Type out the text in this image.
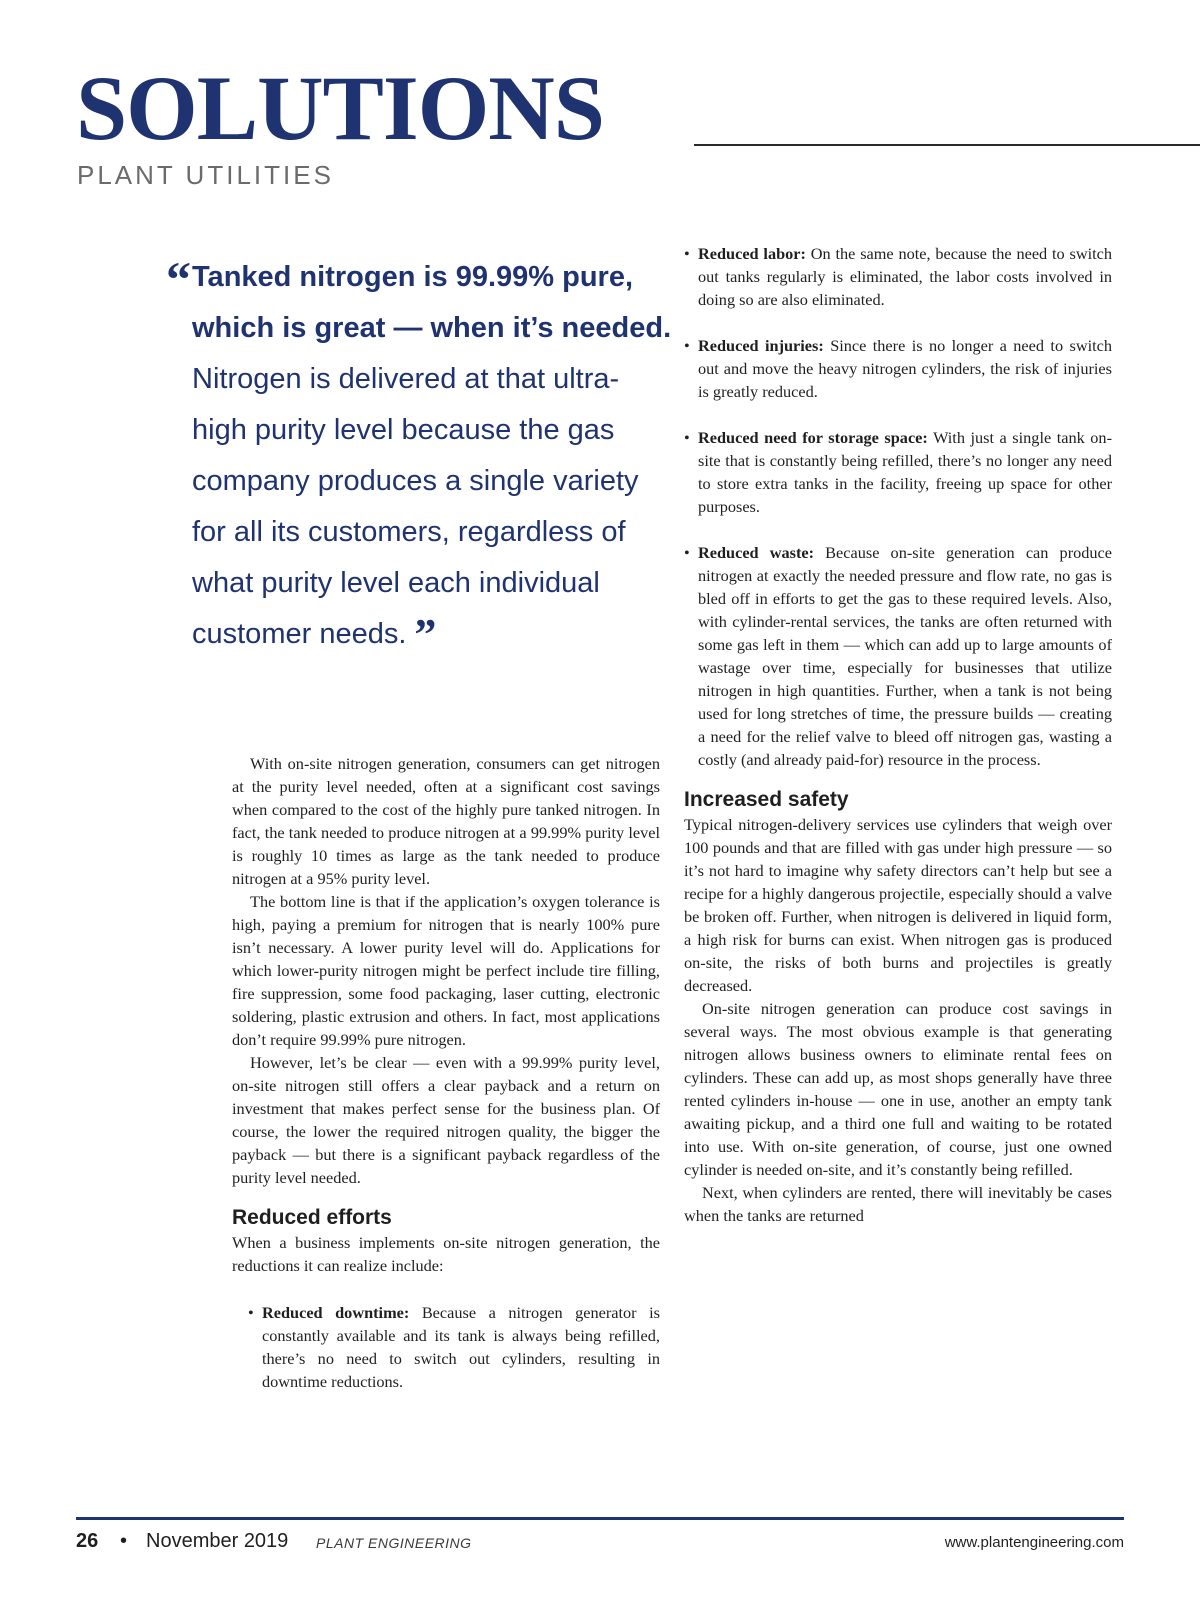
SOLUTIONS
PLANT UTILITIES
“ Tanked nitrogen is 99.99% pure, which is great — when it’s needed. Nitrogen is delivered at that ultra-high purity level because the gas company produces a single variety for all its customers, regardless of what purity level each individual customer needs. ”

With on-site nitrogen generation, consumers can get nitrogen at the purity level needed, often at a significant cost savings when compared to the cost of the highly pure tanked nitrogen. In fact, the tank needed to produce nitrogen at a 99.99% purity level is roughly 10 times as large as the tank needed to produce nitrogen at a 95% purity level.

The bottom line is that if the application’s oxygen tolerance is high, paying a premium for nitrogen that is nearly 100% pure isn’t necessary. A lower purity level will do. Applications for which lower-purity nitrogen might be perfect include tire filling, fire suppression, some food packaging, laser cutting, electronic soldering, plastic extrusion and others. In fact, most applications don’t require 99.99% pure nitrogen.

However, let’s be clear — even with a 99.99% purity level, on-site nitrogen still offers a clear payback and a return on investment that makes perfect sense for the business plan. Of course, the lower the required nitrogen quality, the bigger the payback — but there is a significant payback regardless of the purity level needed.

Reduced efforts

When a business implements on-site nitrogen generation, the reductions it can realize include:

• Reduced downtime: Because a nitrogen generator is constantly available and its tank is always being refilled, there’s no need to switch out cylinders, resulting in downtime reductions.
• Reduced labor: On the same note, because the need to switch out tanks regularly is eliminated, the labor costs involved in doing so are also eliminated.
• Reduced injuries: Since there is no longer a need to switch out and move the heavy nitrogen cylinders, the risk of injuries is greatly reduced.
• Reduced need for storage space: With just a single tank on-site that is constantly being refilled, there’s no longer any need to store extra tanks in the facility, freeing up space for other purposes.
• Reduced waste: Because on-site generation can produce nitrogen at exactly the needed pressure and flow rate, no gas is bled off in efforts to get the gas to these required levels. Also, with cylinder-rental services, the tanks are often returned with some gas left in them — which can add up to large amounts of wastage over time, especially for businesses that utilize nitrogen in high quantities. Further, when a tank is not being used for long stretches of time, the pressure builds — creating a need for the relief valve to bleed off nitrogen gas, wasting a costly (and already paid-for) resource in the process.
Increased safety

Typical nitrogen-delivery services use cylinders that weigh over 100 pounds and that are filled with gas under high pressure — so it’s not hard to imagine why safety directors can’t help but see a recipe for a highly dangerous projectile, especially should a valve be broken off. Further, when nitrogen is delivered in liquid form, a high risk for burns can exist. When nitrogen gas is produced on-site, the risks of both burns and projectiles is greatly decreased.

On-site nitrogen generation can produce cost savings in several ways. The most obvious example is that generating nitrogen allows business owners to eliminate rental fees on cylinders. These can add up, as most shops generally have three rented cylinders in-house — one in use, another an empty tank awaiting pickup, and a third one full and waiting to be rotated into use. With on-site generation, of course, just one owned cylinder is needed on-site, and it’s constantly being refilled.

Next, when cylinders are rented, there will inevitably be cases when the tanks are returned

26 • November 2019 PLANT ENGINEERING	www.plantengineering.com
